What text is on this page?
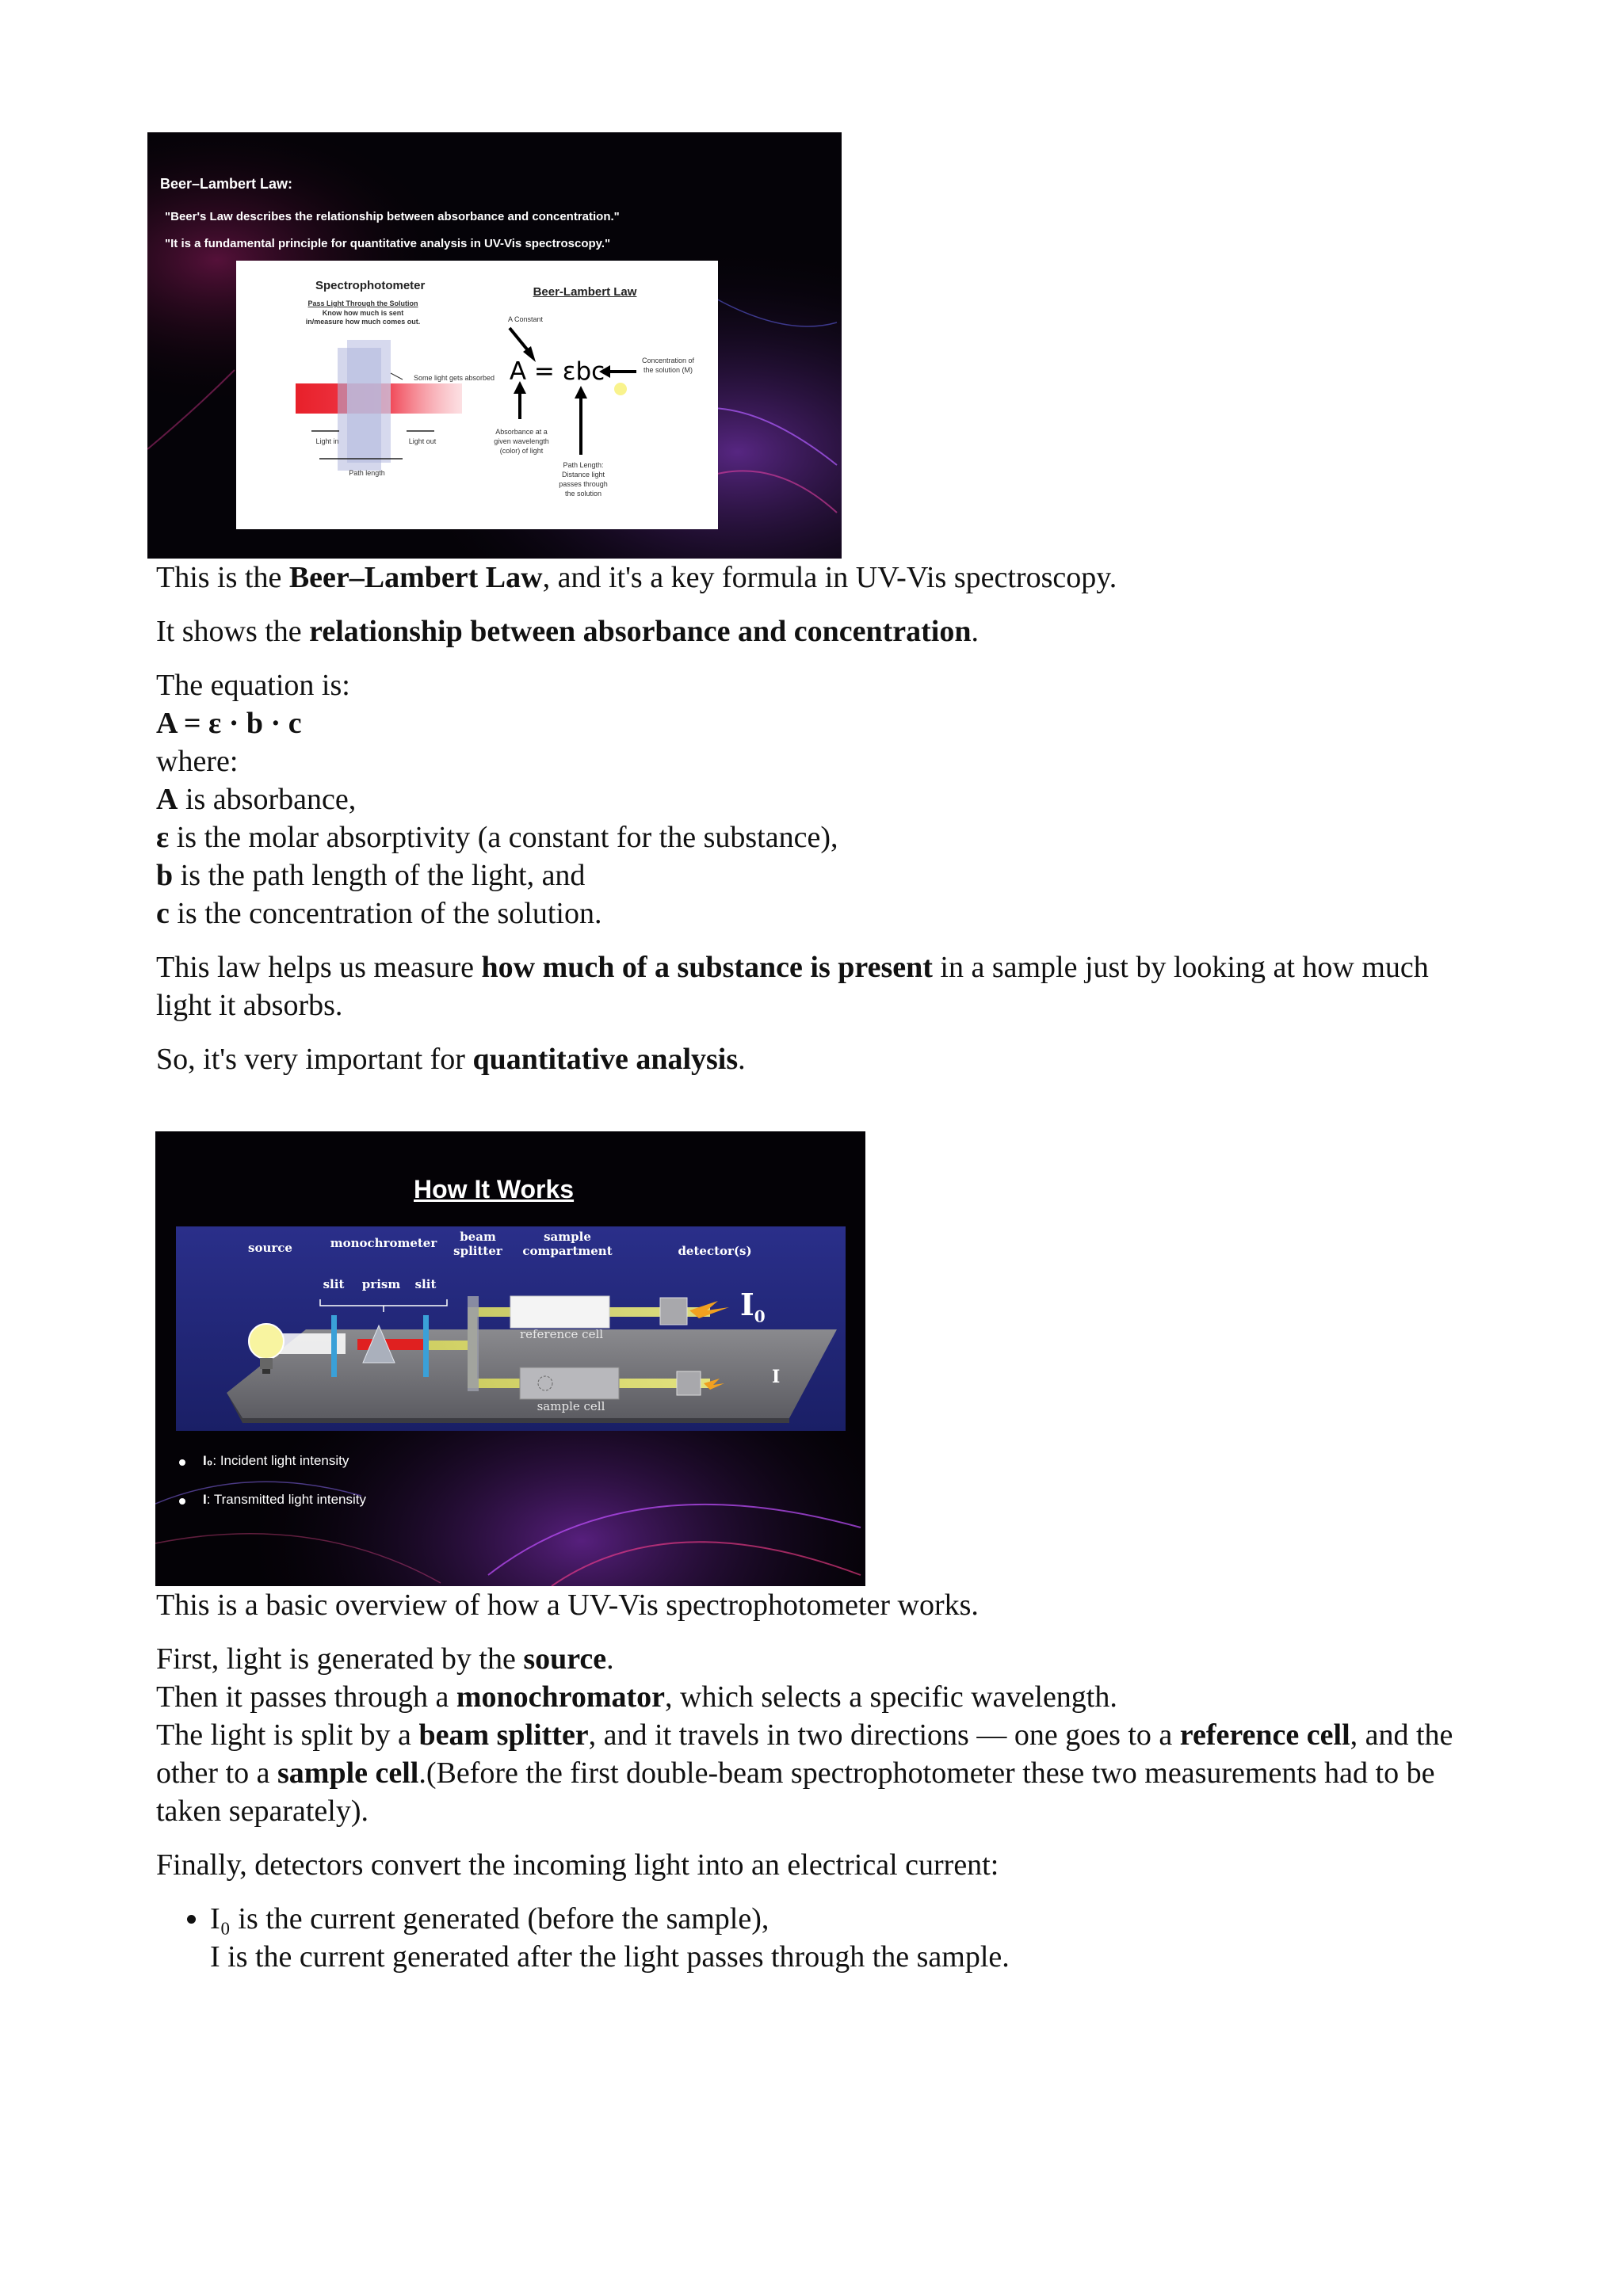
Beer–Lambert Law:
"Beer's Law describes the relationship between absorbance and concentration."
"It is a fundamental principle for quantitative analysis in UV-Vis spectroscopy."
Spectrophotometer
Pass Light Through the Solution
Know how much is sent
in/measure how much comes out.
Some light gets absorbed
Light in	Light out
Path length
Beer-Lambert Law
A Constant
A = εbc	Concentration of the solution (M)
Absorbance at a given wavelength (color) of light
Path Length: Distance light passes through the solution

This is the Beer–Lambert Law, and it's a key formula in UV-Vis spectroscopy.

It shows the relationship between absorbance and concentration.

The equation is:

A = ε · b · c

where:

A is absorbance,

ε is the molar absorptivity (a constant for the substance),

b is the path length of the light, and

c is the concentration of the solution.

This law helps us measure how much of a substance is present in a sample just by looking at how much light it absorbs.

So, it's very important for quantitative analysis.

How It Works
source	monochrometer	beam splitter
sample compartment	detector(s)
slit	prism	slit
reference cell
sample cell
$I_0$
I
I₀: Incident light intensity
I: Transmitted light intensity

This is a basic overview of how a UV-Vis spectrophotometer works.

First, light is generated by the source.

Then it passes through a monochromator, which selects a specific wavelength.

The light is split by a beam splitter, and it travels in two directions — one goes to a reference cell, and the other to a sample cell.(Before the first double-beam spectrophotometer these two measurements had to be taken separately).

Finally, detectors convert the incoming light into an electrical current:

• I₀ is the current generated (before the sample),
I is the current generated after the light passes through the sample.
